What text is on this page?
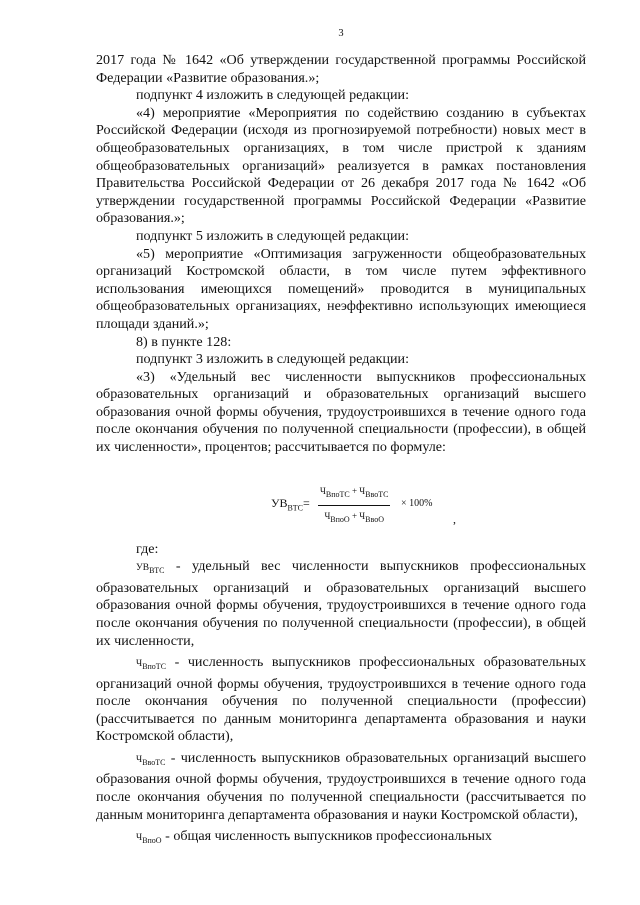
3

2017 года № 1642 «Об утверждении государственной программы Российской Федерации «Развитие образования.»;

подпункт 4 изложить в следующей редакции:

«4) мероприятие «Мероприятия по содействию созданию в субъектах Российской Федерации (исходя из прогнозируемой потребности) новых мест в общеобразовательных организациях, в том числе пристрой к зданиям общеобразовательных организаций» реализуется в рамках постановления Правительства Российской Федерации от 26 декабря 2017 года № 1642 «Об утверждении государственной программы Российской Федерации «Развитие образования.»;

подпункт 5 изложить в следующей редакции:

«5) мероприятие «Оптимизация загруженности общеобразовательных организаций Костромской области, в том числе путем эффективного использования имеющихся помещений» проводится в муниципальных общеобразовательных организациях, неэффективно использующих имеющиеся площади зданий.»;

8) в пункте 128:

подпункт 3 изложить в следующей редакции:

«3) «Удельный вес численности выпускников профессиональных образовательных организаций и образовательных организаций высшего образования очной формы обучения, трудоустроившихся в течение одного года после окончания обучения по полученной специальности (профессии), в общей их численности», процентов; рассчитывается по формуле:

$УВ_{ВТС}=$
$Ч_{ВпоТС} + Ч_{ВвоТС}$
$Ч_{ВпоО} + Ч_{ВвоО}$
× 100%
,

где:

$УВ_{ВТС}$ - удельный вес численности выпускников профессиональных образовательных организаций и образовательных организаций высшего образования очной формы обучения, трудоустроившихся в течение одного года после окончания обучения по полученной специальности (профессии), в общей их численности,

$Ч_{ВпоТС}$ - численность выпускников профессиональных образовательных организаций очной формы обучения, трудоустроившихся в течение одного года после окончания обучения по полученной специальности (профессии) (рассчитывается по данным мониторинга департамента образования и науки Костромской области),

$Ч_{ВвоТС}$ - численность выпускников образовательных организаций высшего образования очной формы обучения, трудоустроившихся в течение одного года после окончания обучения по полученной специальности (рассчитывается по данным мониторинга департамента образования и науки Костромской области),

$Ч_{ВпоО}$ - общая численность выпускников профессиональных
